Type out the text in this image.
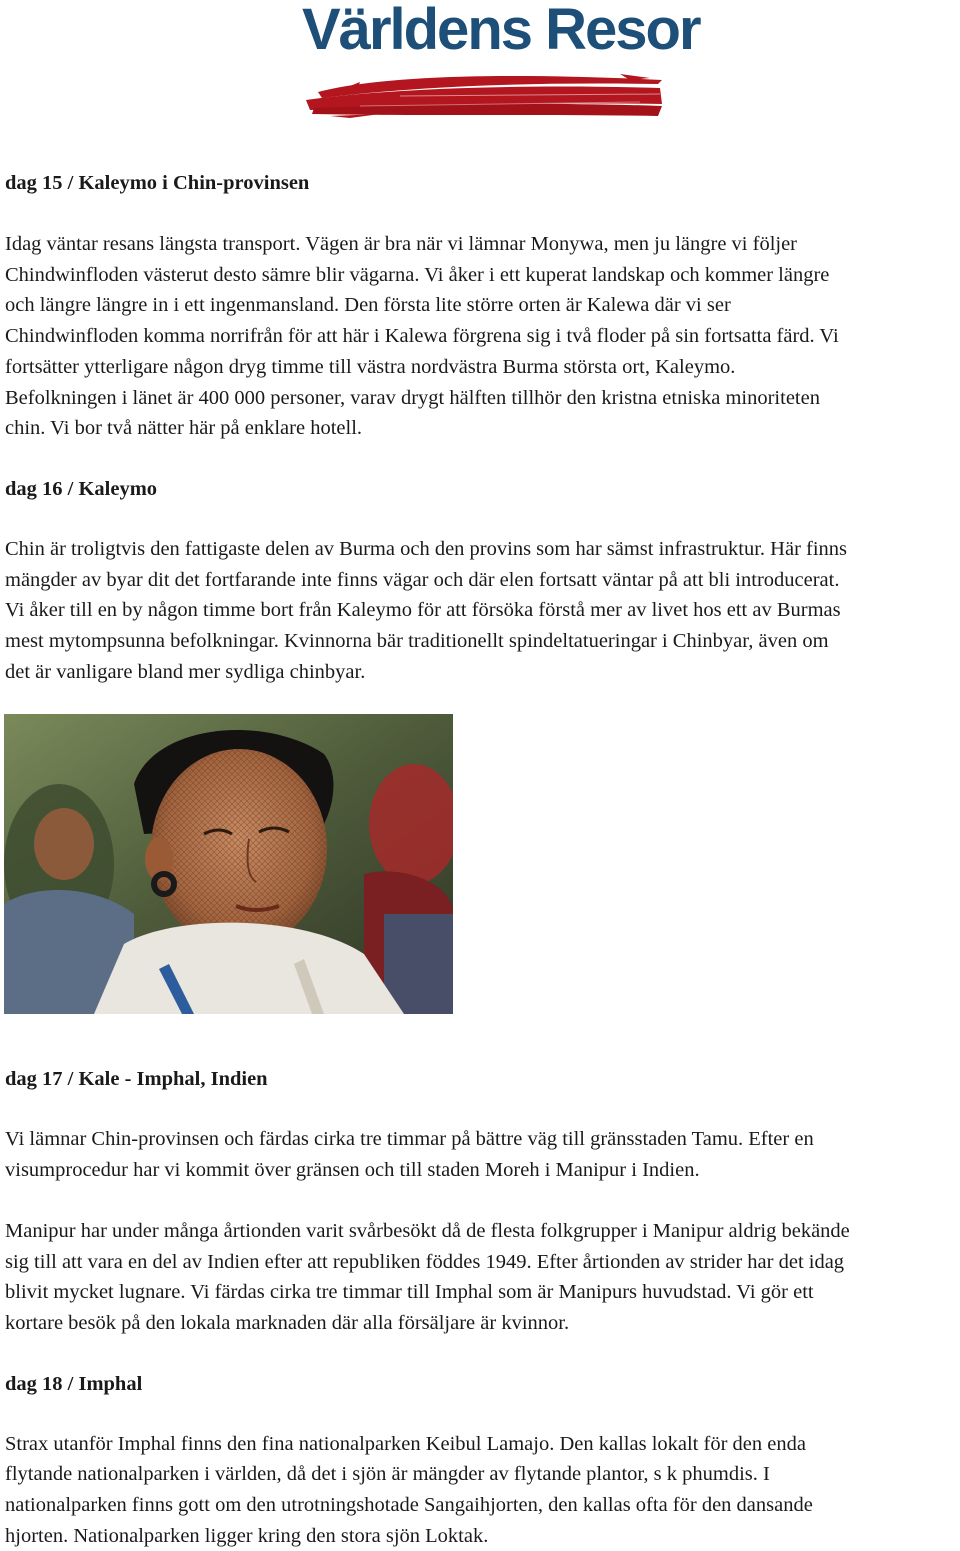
Världens Resor
dag 15 / Kaleymo i Chin-provinsen

Idag väntar resans längsta transport. Vägen är bra när vi lämnar Monywa, men ju längre vi följer

Chindwinfloden västerut desto sämre blir vägarna. Vi åker i ett kuperat landskap och kommer längre

och längre längre in i ett ingenmansland. Den första lite större orten är Kalewa där vi ser

Chindwinfloden komma norrifrån för att här i Kalewa förgrena sig i två floder på sin fortsatta färd. Vi

fortsätter ytterligare någon dryg timme till västra nordvästra Burma största ort, Kaleymo.

Befolkningen i länet är 400 000 personer, varav drygt hälften tillhör den kristna etniska minoriteten

chin. Vi bor två nätter här på enklare hotell.

dag 16 / Kaleymo

Chin är troligtvis den fattigaste delen av Burma och den provins som har sämst infrastruktur. Här finns

mängder av byar dit det fortfarande inte finns vägar och där elen fortsatt väntar på att bli introducerat.

Vi åker till en by någon timme bort från Kaleymo för att försöka förstå mer av livet hos ett av Burmas

mest mytompsunna befolkningar. Kvinnorna bär traditionellt spindeltatueringar i Chinbyar, även om

det är vanligare bland mer sydliga chinbyar.

dag 17 / Kale - Imphal, Indien

Vi lämnar Chin-provinsen och färdas cirka tre timmar på bättre väg till gränsstaden Tamu. Efter en

visumprocedur har vi kommit över gränsen och till staden Moreh i Manipur i Indien.

Manipur har under många årtionden varit svårbesökt då de flesta folkgrupper i Manipur aldrig bekände

sig till att vara en del av Indien efter att republiken föddes 1949. Efter årtionden av strider har det idag

blivit mycket lugnare. Vi färdas cirka tre timmar till Imphal som är Manipurs huvudstad. Vi gör ett

kortare besök på den lokala marknaden där alla försäljare är kvinnor.

dag 18 / Imphal

Strax utanför Imphal finns den fina nationalparken Keibul Lamajo. Den kallas lokalt för den enda

flytande nationalparken i världen, då det i sjön är mängder av flytande plantor, s k phumdis. I

nationalparken finns gott om den utrotningshotade Sangaihjorten, den kallas ofta för den dansande

hjorten. Nationalparken ligger kring den stora sjön Loktak.
